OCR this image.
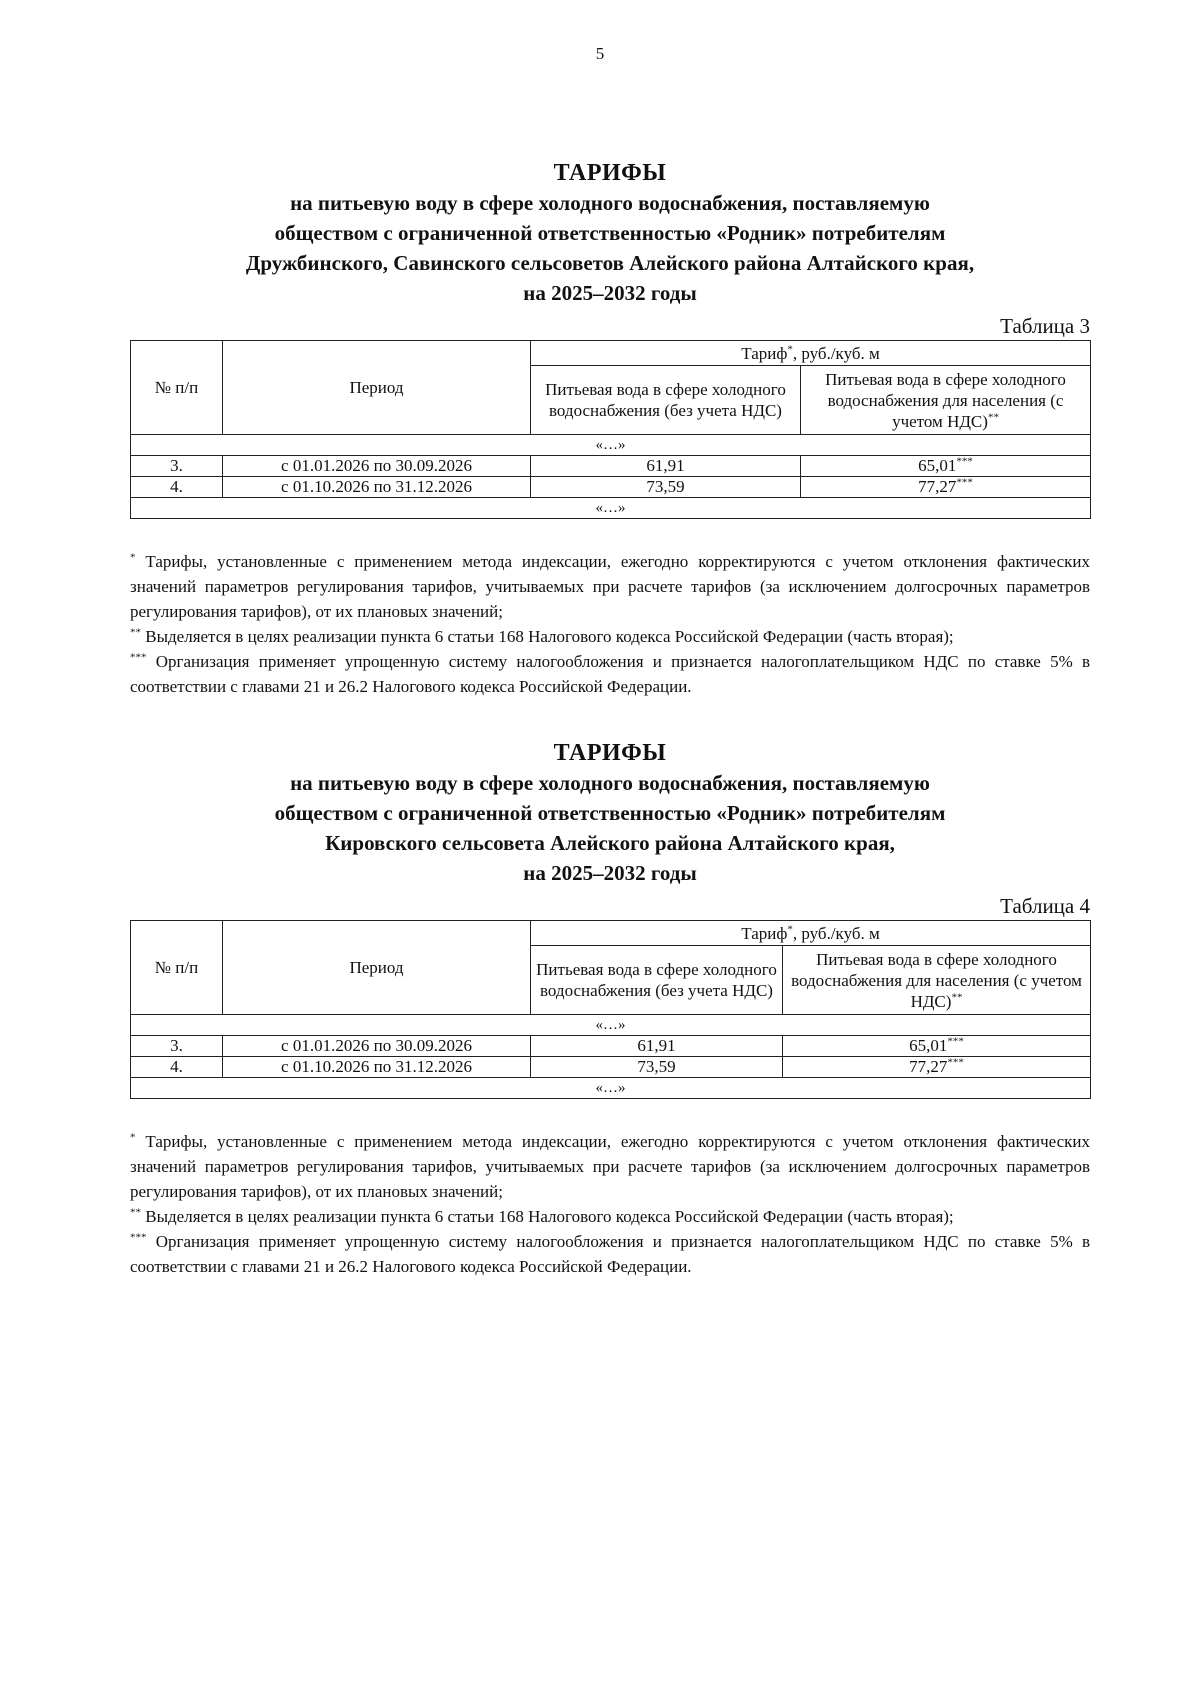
5
ТАРИФЫ
на питьевую воду в сфере холодного водоснабжения, поставляемую
обществом с ограниченной ответственностью «Родник» потребителям
Дружбинского, Савинского сельсоветов Алейского района Алтайского края,
на 2025–2032 годы
Таблица 3
№ п/п	Период	Тариф*, руб./куб. м	
		Питьевая вода в сфере холодного водоснабжения (без учета НДС)	Питьевая вода в сфере холодного водоснабжения для населения (с учетом НДС)**
«…»			
3.	с 01.01.2026 по 30.09.2026	61,91	65,01***
4.	с 01.10.2026 по 31.12.2026	73,59	77,27***
«…»			

* Тарифы, установленные с применением метода индексации, ежегодно корректируются с учетом отклонения фактических значений параметров регулирования тарифов, учитываемых при расчете тарифов (за исключением долгосрочных параметров регулирования тарифов), от их плановых значений;

** Выделяется в целях реализации пункта 6 статьи 168 Налогового кодекса Российской Федерации (часть вторая);

*** Организация применяет упрощенную систему налогообложения и признается налогоплательщиком НДС по ставке 5% в соответствии с главами 21 и 26.2 Налогового кодекса Российской Федерации.

ТАРИФЫ
на питьевую воду в сфере холодного водоснабжения, поставляемую
обществом с ограниченной ответственностью «Родник» потребителям
Кировского сельсовета Алейского района Алтайского края,
на 2025–2032 годы
Таблица 4
№ п/п	Период	Тариф*, руб./куб. м	
		Питьевая вода в сфере холодного водоснабжения (без учета НДС)	Питьевая вода в сфере холодного водоснабжения для населения (с учетом НДС)**
«…»			
3.	с 01.01.2026 по 30.09.2026	61,91	65,01***
4.	с 01.10.2026 по 31.12.2026	73,59	77,27***
«…»			

* Тарифы, установленные с применением метода индексации, ежегодно корректируются с учетом отклонения фактических значений параметров регулирования тарифов, учитываемых при расчете тарифов (за исключением долгосрочных параметров регулирования тарифов), от их плановых значений;

** Выделяется в целях реализации пункта 6 статьи 168 Налогового кодекса Российской Федерации (часть вторая);

*** Организация применяет упрощенную систему налогообложения и признается налогоплательщиком НДС по ставке 5% в соответствии с главами 21 и 26.2 Налогового кодекса Российской Федерации.
